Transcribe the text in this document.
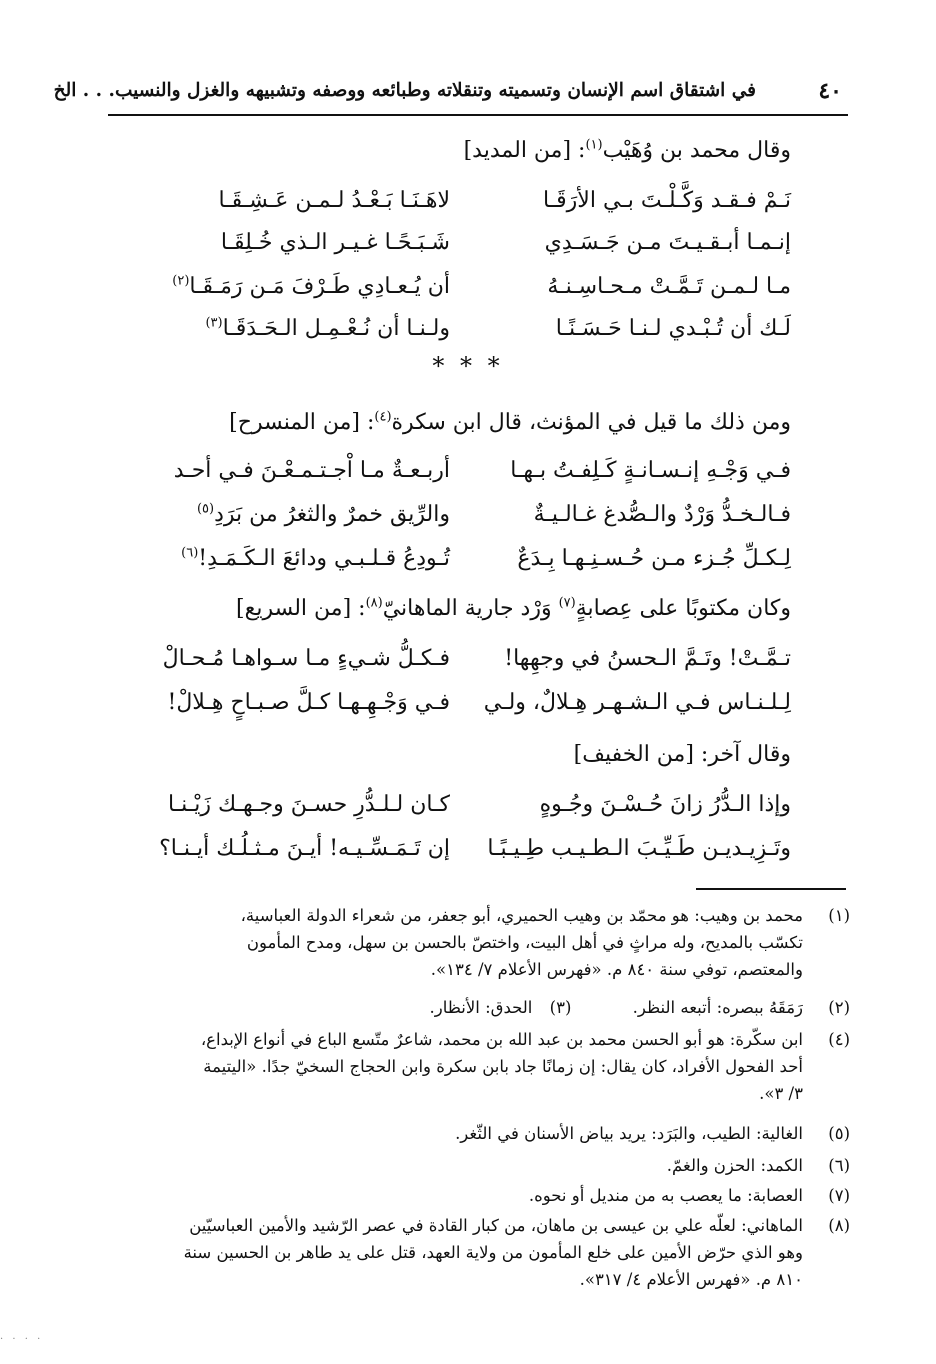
٤٠
في اشتقاق اسم الإنسان وتسميته وتنقلاته وطبائعه ووصفه وتشبيهه والغزل والنسيب. . . الخ
وقال محمد بن وُهَيْب$^{(١)}$: [من المديد]
نَـمْ فـقـد وَكَّـلْـتَ بـي الأرَقَـا
لاهَـنَـا بَـعْـدُ لـمـن عَـشِـقَـا
إنـمـا أبـقـيـتَ مـن جَـسَـدِي
شَـبَـحًـا غـيـر الـذي خُـلِقَـا
مـا لـمـن تَـمَّـتْ مـحـاسِـنـهُ
أن يُـعـادِي طَـرْفَ مَـن رَمَـقَـا$^{(٢)}$
لَـك أن تُـبْـدي لـنـا حَـسَـنًـا
ولـنـا أن نُـعْـمِـل الـحَـدَقَـا$^{(٣)}$
* * *
ومن ذلك ما قيل في المؤنث، قال ابن سكرة$^{(٤)}$: [من المنسرح]
فـي وَجْـهِ إنـسـانـةٍ كَـلِفـتُ بـهـا
أربـعـةٌ مـا اْجـتـمـعْـنَ فـي أحـد
فـالـخـدُّ وَرْدٌ والـصُّدغ غـالـيـةٌ
والرِّيق خمرٌ والثغرُ من بَرَدِ$^{(٥)}$
لِـكـلِّ جُـزء مـن حُـسـنِـهـا بِـدَعٌ
تُـودِعُ قـلـبـي ودائعَ الـكَـمَـدِ!$^{(٦)}$
وكان مكتوبًا على عِصابةٍ$^{(٧)}$ وَرْد جارية الماهانيّ$^{(٨)}$: [من السريع]
تـمَّـتْ! وتَـمَّ الـحسنُ في وجهِها!
فـكـلُّ شـيءٍ مـا سـواهـا مُـحـالْ
لِـلـنـاس فـي الـشـهـر هِـلالٌ، ولـي
فـي وَجْـهِـهـا كـلَّ صـبـاحٍ هِـلالْ!
وقال آخر: [من الخفيف]
وإذا الـدُّرُ زانَ حُـسْـنَ وجُـوهٍ
كـان لـلـدُّرِ حسـنَ وجـهـك زَيْـنـا
وتَـزِيـديـن طَـيِّـبَ الـطـيـب طِـيـبًـا
إن تَـمَـسِّـيـه! أيـنَ مـثـلُـك أيـنـا؟
(١)
محمد بن وهيب: هو محمّد بن وهيب الحميري، أبو جعفر، من شعراء الدولة العباسية،
تكسّب بالمديح، وله مراثٍ في أهل البيت، واختصّ بالحسن بن سهل، ومدح المأمون
والمعتصم، توفي سنة ٨٤٠ م. «فهرس الأعلام ٧/ ١٣٤».
(٢)
رَمَقَهُ ببصره: أتبعه النظر. (٣) الحدق: الأنظار.
(٤)
ابن سكّرة: هو أبو الحسن محمد بن عبد الله بن محمد، شاعرٌ متّسع الباع في أنواع الإبداع،
أحد الفحول الأفراد، كان يقال: إن زمانًا جاد بابن سكرة وابن الحجاج السخيّ جدًا. «اليتيمة
٣/ ٣».
(٥)
الغالية: الطيب، والبَرَد: يريد بياض الأسنان في الثّغر.
(٦)
الكمد: الحزن والغمّ.
(٧)
العصابة: ما يعصب به من منديل أو نحوه.
(٨)
الماهاني: لعلّه علي بن عيسى بن ماهان، من كبار القادة في عصر الرّشيد والأمين العباسيّين
وهو الذي حرّض الأمين على خلع المأمون من ولاية العهد، قتل على يد طاهر بن الحسين سنة
٨١٠ م. «فهرس الأعلام ٤/ ٣١٧».
· · · ·
